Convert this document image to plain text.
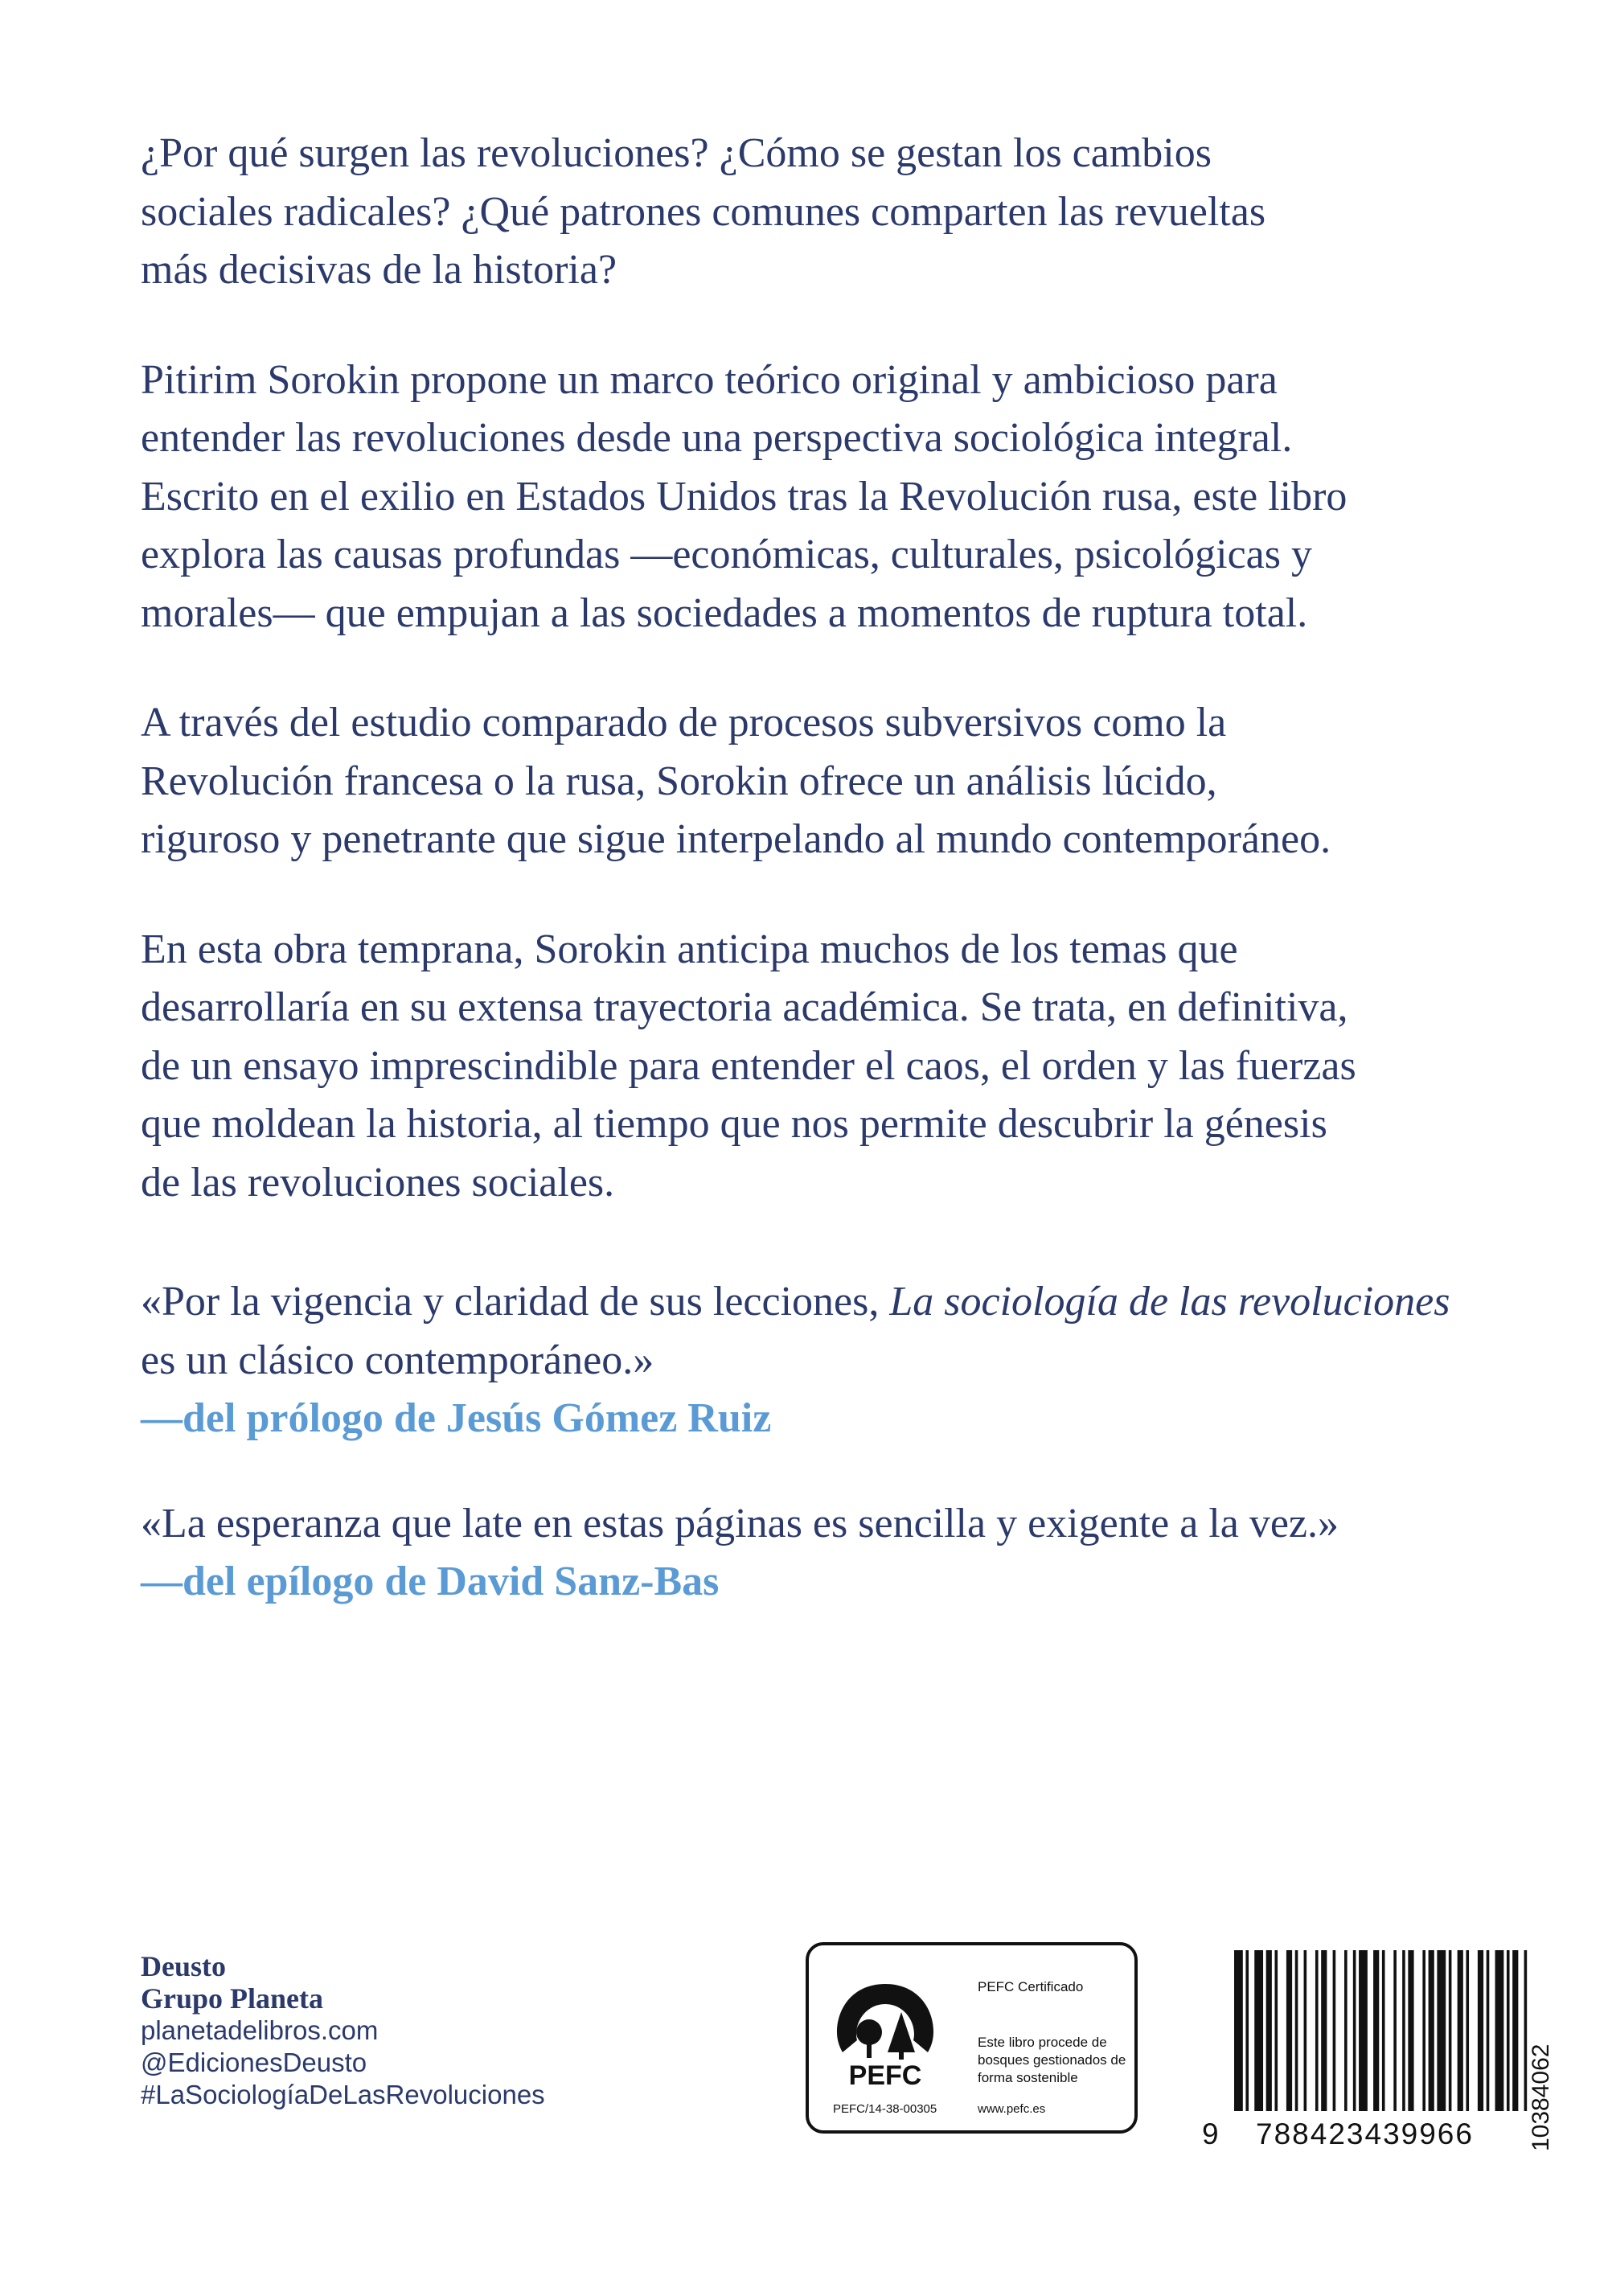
¿Por qué surgen las revoluciones? ¿Cómo se gestan los cambios
sociales radicales? ¿Qué patrones comunes comparten las revueltas
más decisivas de la historia?

Pitirim Sorokin propone un marco teórico original y ambicioso para
entender las revoluciones desde una perspectiva sociológica integral.
Escrito en el exilio en Estados Unidos tras la Revolución rusa, este libro
explora las causas profundas —económicas, culturales, psicológicas y
morales— que empujan a las sociedades a momentos de ruptura total.

A través del estudio comparado de procesos subversivos como la
Revolución francesa o la rusa, Sorokin ofrece un análisis lúcido,
riguroso y penetrante que sigue interpelando al mundo contemporáneo.

En esta obra temprana, Sorokin anticipa muchos de los temas que
desarrollaría en su extensa trayectoria académica. Se trata, en definitiva,
de un ensayo imprescindible para entender el caos, el orden y las fuerzas
que moldean la historia, al tiempo que nos permite descubrir la génesis
de las revoluciones sociales.

«Por la vigencia y claridad de sus lecciones, La sociología de las revoluciones
es un clásico contemporáneo.»

—del prólogo de Jesús Gómez Ruiz

«La esperanza que late en estas páginas es sencilla y exigente a la vez.»

—del epílogo de David Sanz-Bas

Deusto
Grupo Planeta
planetadelibros.com
@EdicionesDeusto
#LaSociologíaDeLasRevoluciones
PEFC
PEFC/14-38-00305
PEFC Certificado
Este libro procede de bosques gestionados de forma sostenible
www.pefc.es
9	788423439966	10384062
